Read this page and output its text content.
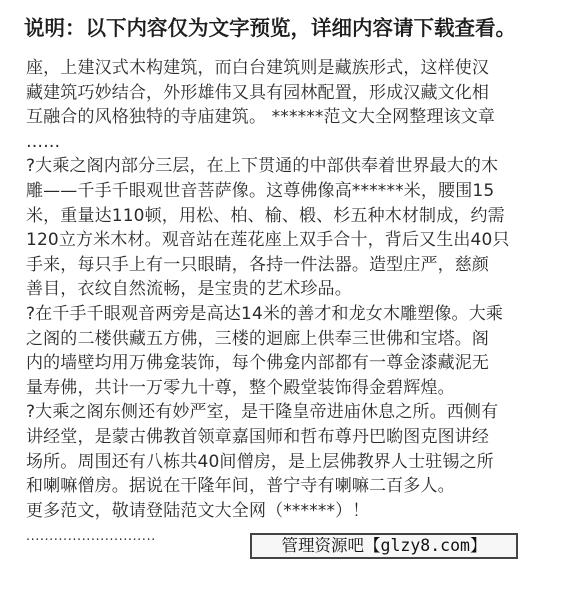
说明：以下内容仅为文字预览，详细内容请下载查看。
座，上建汉式木构建筑，而白台建筑则是藏族形式，这样使汉
藏建筑巧妙结合，外形雄伟又具有园林配置，形成汉藏文化相
互融合的风格独特的寺庙建筑。 ******范文大全网整理该文章
……
?大乘之阁内部分三层，在上下贯通的中部供奉着世界最大的木
雕——千手千眼观世音菩萨像。这尊佛像高******米，腰围15
米，重量达110顿，用松、柏、榆、椴、杉五种木材制成，约需
120立方米木材。观音站在莲花座上双手合十，背后又生出40只
手来，每只手上有一只眼睛，各持一件法器。造型庄严，慈颜
善目，衣纹自然流畅，是宝贵的艺术珍品。
?在千手千眼观音两旁是高达14米的善才和龙女木雕塑像。大乘
之阁的二楼供藏五方佛，三楼的迴廊上供奉三世佛和宝塔。阁
内的墙壁均用万佛龛装饰，每个佛龛内部都有一尊金漆藏泥无
量寿佛，共计一万零九十尊，整个殿堂装饰得金碧辉煌。
?大乘之阁东侧还有妙严室，是干隆皇帝进庙休息之所。西侧有
讲经堂，是蒙古佛教首领章嘉国师和哲布尊丹巴喲图克图讲经
场所。周围还有八栋共40间僧房，是上层佛教界人士驻锡之所
和喇嘛僧房。据说在干隆年间，普宁寺有喇嘛二百多人。
更多范文，敬请登陆范文大全网（******）！
····························	管理资源吧【glzy8.com】
